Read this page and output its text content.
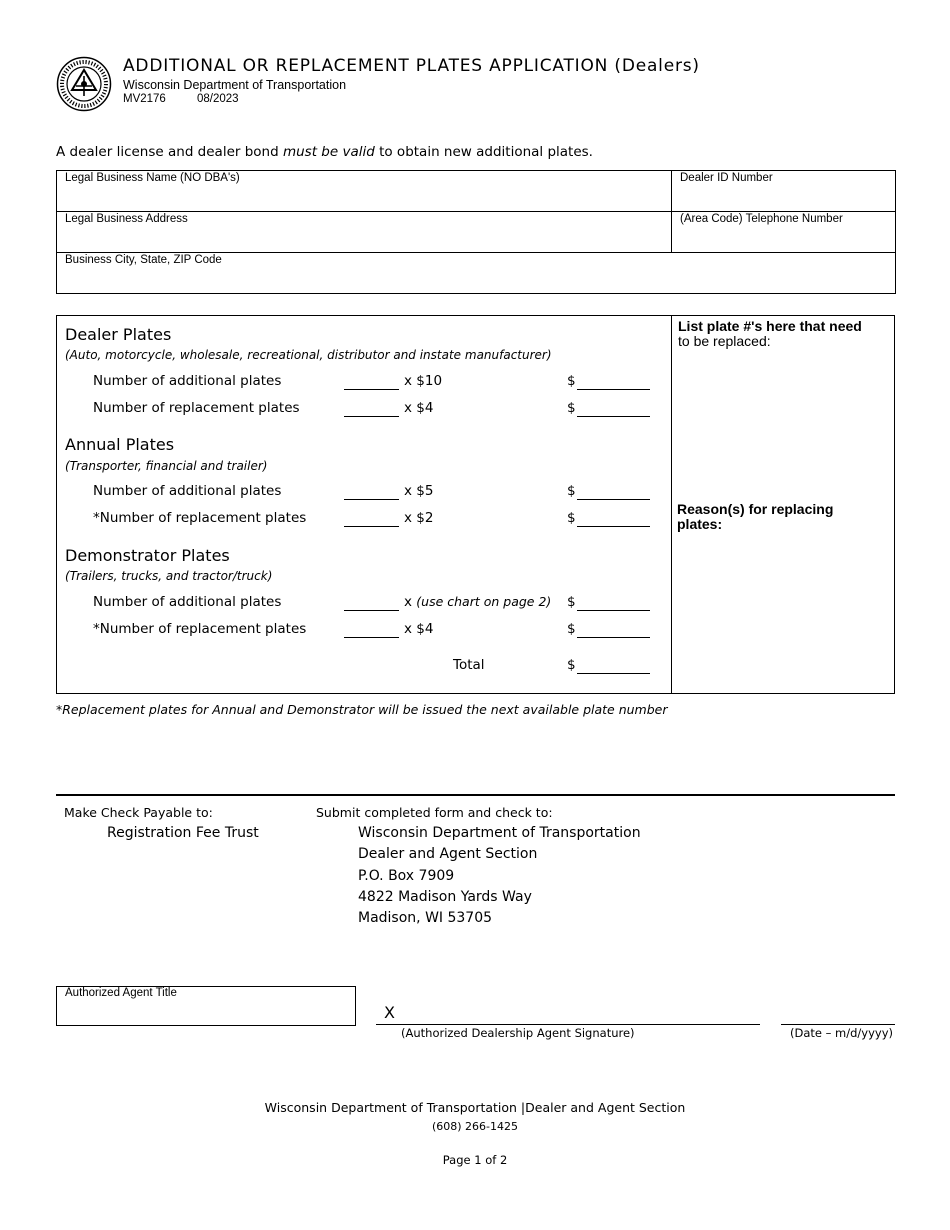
ADDITIONAL OR REPLACEMENT PLATES APPLICATION (Dealers)
Wisconsin Department of Transportation
MV2176	08/2023
A dealer license and dealer bond must be valid to obtain new additional plates.
Legal Business Name (NO DBA's)	Dealer ID Number
Legal Business Address	(Area Code) Telephone Number
Business City, State, ZIP Code	
Dealer Plates
(Auto, motorcycle, wholesale, recreational, distributor and instate manufacturer)
Number of additional plates	x $10	$
Number of replacement plates	x $4	$
Annual Plates
(Transporter, financial and trailer)
Number of additional plates	x $5	$
*Number of replacement plates	x $2	$
Demonstrator Plates
(Trailers, trucks, and tractor/truck)
Number of additional plates	x (use chart on page 2) $
*Number of replacement plates	x $4	$
Total	$
List plate #'s here that need
to be replaced:
Reason(s) for replacing plates:
*Replacement plates for Annual and Demonstrator will be issued the next available plate number
Make Check Payable to:
Registration Fee Trust
Submit completed form and check to:
Wisconsin Department of Transportation
Dealer and Agent Section
P.O. Box 7909
4822 Madison Yards Way
Madison, WI 53705
Authorized Agent Title
X
(Authorized Dealership Agent Signature)	(Date – m/d/yyyy)
Wisconsin Department of Transportation |Dealer and Agent Section
(608) 266-1425
Page 1 of 2
